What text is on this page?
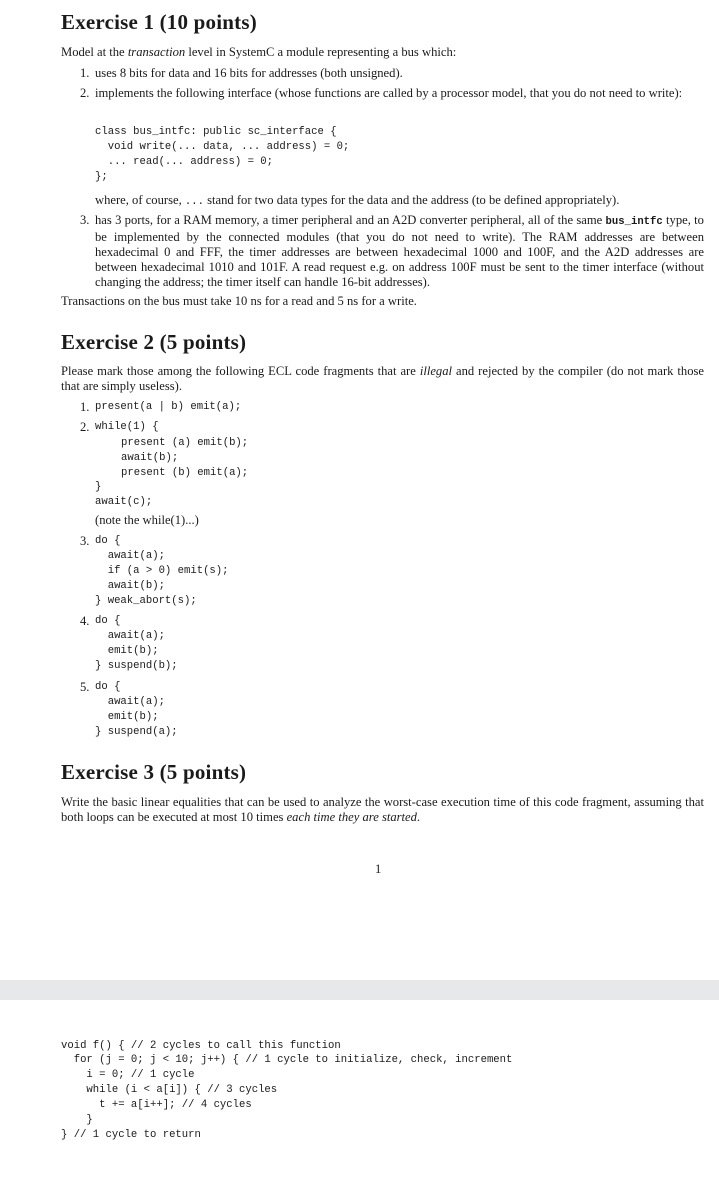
Exercise 1 (10 points)

Model at the transaction level in SystemC a module representing a bus which:

1. uses 8 bits for data and 16 bits for addresses (both unsigned).

2. implements the following interface (whose functions are called by a processor model, that you do not need to write):

class bus_intfc: public sc_interface {
void write(... data, ... address) = 0;
... read(... address) = 0;
};

where, of course, ... stand for two data types for the data and the address (to be defined appropriately).

3. has 3 ports, for a RAM memory, a timer peripheral and an A2D converter peripheral, all of the same bus_intfc type, to be implemented by the connected modules (that you do not need to write). The RAM addresses are between hexadecimal 0 and FFF, the timer addresses are between hexadecimal 1000 and 100F, and the A2D addresses are between hexadecimal 1010 and 101F. A read request e.g. on address 100F must be sent to the timer interface (without changing the address; the timer itself can handle 16-bit addresses).

Transactions on the bus must take 10 ns for a read and 5 ns for a write.

Exercise 2 (5 points)

Please mark those among the following ECL code fragments that are illegal and rejected by the compiler (do not mark those that are simply useless).

1. present(a | b) emit(a);
2. while(1) {
present (a) emit(b);
await(b);
present (b) emit(a);
}
await(c);

(note the while(1)...)

3. do {
await(a);
if (a > 0) emit(s);
await(b);
} weak_abort(s);
4. do {
await(a);
emit(b);
} suspend(b);
5. do {
await(a);
emit(b);
} suspend(a);
Exercise 3 (5 points)

Write the basic linear equalities that can be used to analyze the worst-case execution time of this code fragment, assuming that both loops can be executed at most 10 times each time they are started.

1
void f() { // 2 cycles to call this function
for (j = 0; j < 10; j++) { // 1 cycle to initialize, check, increment
i = 0; // 1 cycle
while (i < a[i]) { // 3 cycles
t += a[i++]; // 4 cycles
}
} // 1 cycle to return
